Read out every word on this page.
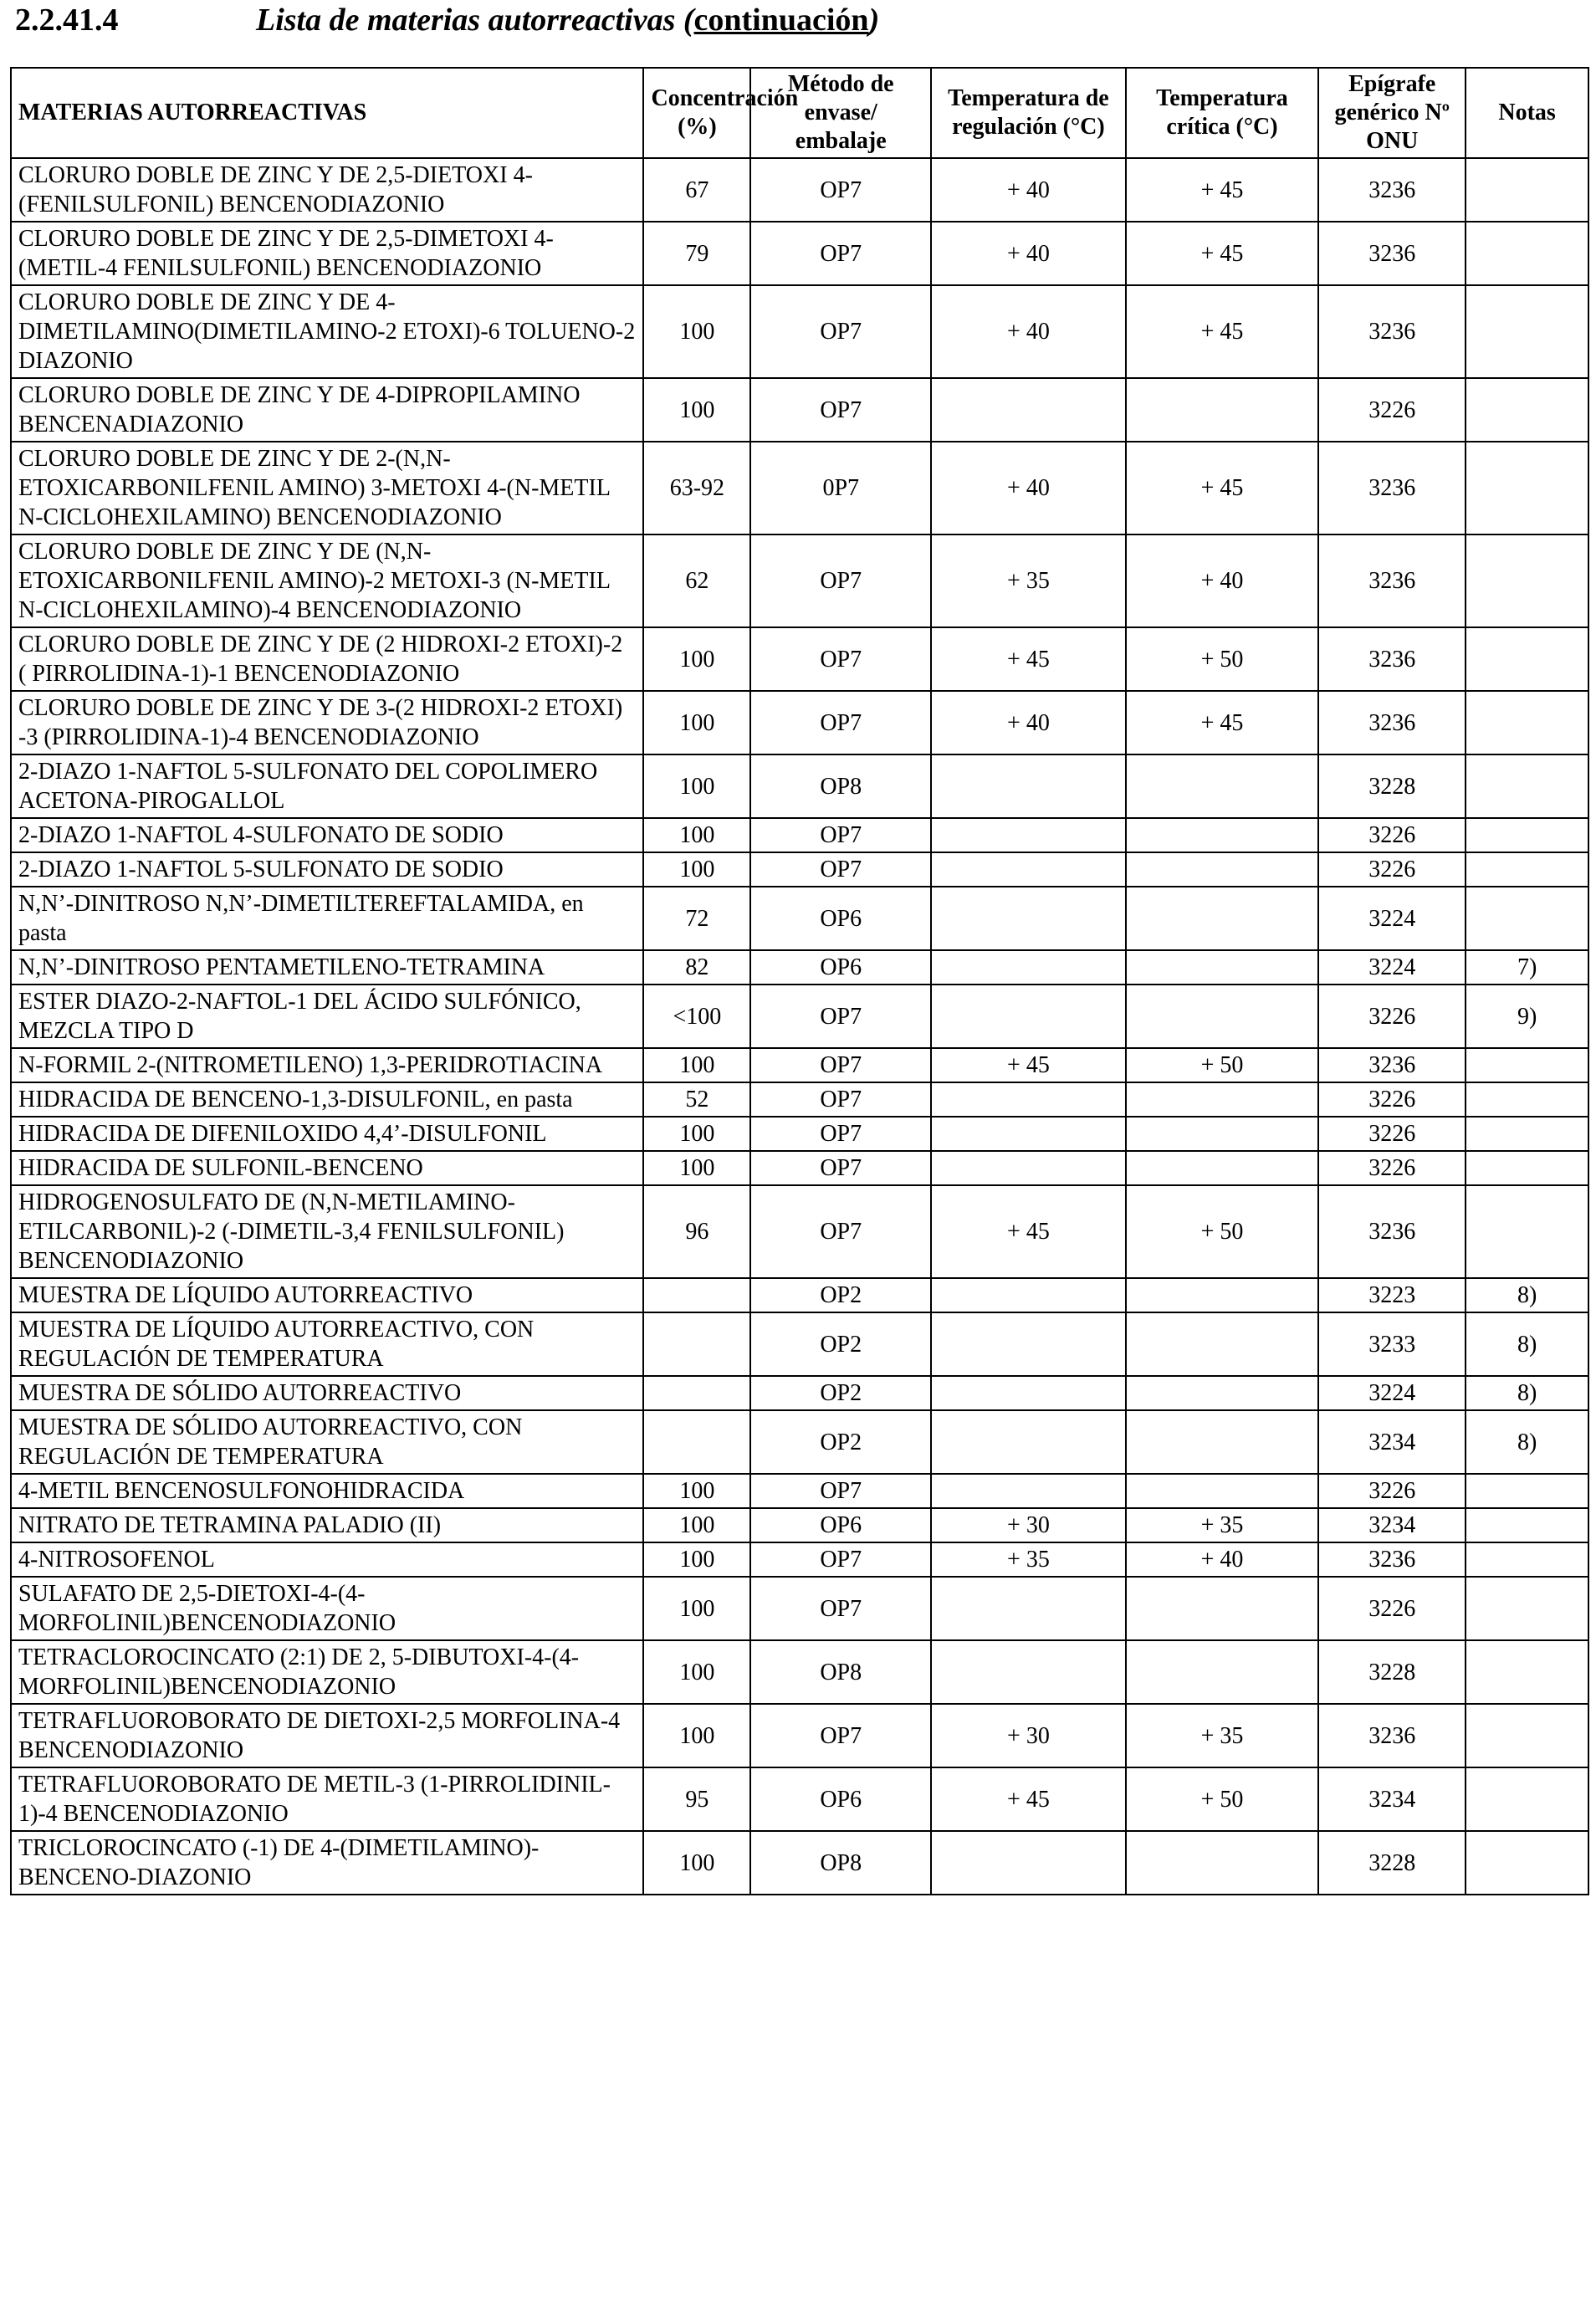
2.2.41.4	Lista de materias autorreactivas (continuación)
MATERIAS AUTORREACTIVAS	Concentración (%)	Método de envase/ embalaje	Temperatura de regulación (°C)	Temperatura crítica (°C)	Epígrafe genérico Nº ONU	Notas
CLORURO DOBLE DE ZINC Y DE 2,5-DIETOXI 4-(FENILSULFONIL) BENCENODIAZONIO	67	OP7	+ 40	+ 45	3236	
CLORURO DOBLE DE ZINC Y DE 2,5-DIMETOXI 4-(METIL-4 FENILSULFONIL) BENCENODIAZONIO	79	OP7	+ 40	+ 45	3236	
CLORURO DOBLE DE ZINC Y DE 4-DIMETILAMINO(DIMETILAMINO-2 ETOXI)-6 TOLUENO-2 DIAZONIO	100	OP7	+ 40	+ 45	3236	
CLORURO DOBLE DE ZINC Y DE 4-DIPROPILAMINO BENCENADIAZONIO	100	OP7			3226	
CLORURO DOBLE DE ZINC Y DE 2-(N,N-ETOXICARBONILFENIL AMINO) 3-METOXI 4-(N-METIL N-CICLOHEXILAMINO) BENCENODIAZONIO	63-92	0P7	+ 40	+ 45	3236	
CLORURO DOBLE DE ZINC Y DE (N,N-ETOXICARBONILFENIL AMINO)-2 METOXI-3 (N-METIL N-CICLOHEXILAMINO)-4 BENCENODIAZONIO	62	OP7	+ 35	+ 40	3236	
CLORURO DOBLE DE ZINC Y DE (2 HIDROXI-2 ETOXI)-2 ( PIRROLIDINA-1)-1 BENCENODIAZONIO	100	OP7	+ 45	+ 50	3236	
CLORURO DOBLE DE ZINC Y DE 3-(2 HIDROXI-2 ETOXI) -3 (PIRROLIDINA-1)-4 BENCENODIAZONIO	100	OP7	+ 40	+ 45	3236	
2-DIAZO 1-NAFTOL 5-SULFONATO DEL COPOLIMERO ACETONA-PIROGALLOL	100	OP8			3228	
2-DIAZO 1-NAFTOL 4-SULFONATO DE SODIO	100	OP7			3226	
2-DIAZO 1-NAFTOL 5-SULFONATO DE SODIO	100	OP7			3226	
N,N’-DINITROSO N,N’-DIMETILTEREFTALAMIDA, en pasta	72	OP6			3224	
N,N’-DINITROSO PENTAMETILENO-TETRAMINA	82	OP6			3224	7)
ESTER DIAZO-2-NAFTOL-1 DEL ÁCIDO SULFÓNICO, MEZCLA TIPO D	<100	OP7			3226	9)
N-FORMIL 2-(NITROMETILENO) 1,3-PERIDROTIACINA	100	OP7	+ 45	+ 50	3236	
HIDRACIDA DE BENCENO-1,3-DISULFONIL, en pasta	52	OP7			3226	
HIDRACIDA DE DIFENILOXIDO 4,4’-DISULFONIL	100	OP7			3226	
HIDRACIDA DE SULFONIL-BENCENO	100	OP7			3226	
HIDROGENOSULFATO DE (N,N-METILAMINO-ETILCARBONIL)-2 (-DIMETIL-3,4 FENILSULFONIL) BENCENODIAZONIO	96	OP7	+ 45	+ 50	3236	
MUESTRA DE LÍQUIDO AUTORREACTIVO		OP2			3223	8)
MUESTRA DE LÍQUIDO AUTORREACTIVO, CON REGULACIÓN DE TEMPERATURA		OP2			3233	8)
MUESTRA DE SÓLIDO AUTORREACTIVO		OP2			3224	8)
MUESTRA DE SÓLIDO AUTORREACTIVO, CON REGULACIÓN DE TEMPERATURA		OP2			3234	8)
4-METIL BENCENOSULFONOHIDRACIDA	100	OP7			3226	
NITRATO DE TETRAMINA PALADIO (II)	100	OP6	+ 30	+ 35	3234	
4-NITROSOFENOL	100	OP7	+ 35	+ 40	3236	
SULAFATO DE 2,5-DIETOXI-4-(4-MORFOLINIL)BENCENODIAZONIO	100	OP7			3226	
TETRACLOROCINCATO (2:1) DE 2, 5-DIBUTOXI-4-(4-MORFOLINIL)BENCENODIAZONIO	100	OP8			3228	
TETRAFLUOROBORATO DE DIETOXI-2,5 MORFOLINA-4 BENCENODIAZONIO	100	OP7	+ 30	+ 35	3236	
TETRAFLUOROBORATO DE METIL-3 (1-PIRROLIDINIL-1)-4 BENCENODIAZONIO	95	OP6	+ 45	+ 50	3234	
TRICLOROCINCATO (-1) DE 4-(DIMETILAMINO)-BENCENO-DIAZONIO	100	OP8			3228	
